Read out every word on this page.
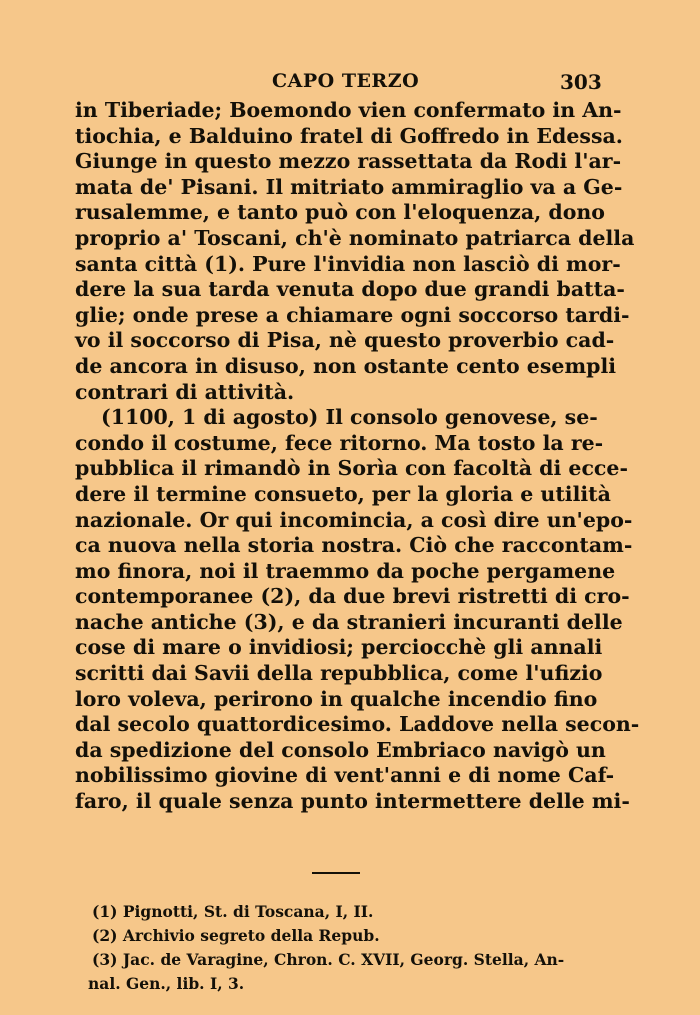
CAPO TERZO	303
in Tiberiade; Boemondo vien confermato in An-
tiochia, e Balduino fratel di Goffredo in Edessa.
Giunge in questo mezzo rassettata da Rodi l'ar-
mata de' Pisani. Il mitriato ammiraglio va a Ge-
rusalemme, e tanto può con l'eloquenza, dono
proprio a' Toscani, ch'è nominato patriarca della
santa città (1). Pure l'invidia non lasciò di mor-
dere la sua tarda venuta dopo due grandi batta-
glie; onde prese a chiamare ogni soccorso tardi-
vo il soccorso di Pisa, nè questo proverbio cad-
de ancora in disuso, non ostante cento esempli
contrari di attività.
(1100, 1 di agosto) Il consolo genovese, se-
condo il costume, fece ritorno. Ma tosto la re-
pubblica il rimandò in Sorìa con facoltà di ecce-
dere il termine consueto, per la gloria e utilità
nazionale. Or qui incomincia, a così dire un'epo-
ca nuova nella storia nostra. Ciò che raccontam-
mo finora, noi il traemmo da poche pergamene
contemporanee (2), da due brevi ristretti di cro-
nache antiche (3), e da stranieri incuranti delle
cose di mare o invidiosi; perciocchè gli annali
scritti dai Savii della repubblica, come l'ufizio
loro voleva, perirono in qualche incendio fino
dal secolo quattordicesimo. Laddove nella secon-
da spedizione del consolo Embriaco navigò un
nobilissimo giovine di vent'anni e di nome Caf-
faro, il quale senza punto intermettere delle mi-
(1) Pignotti, St. di Toscana, I, II.
(2) Archivio segreto della Repub.
(3) Jac. de Varagine, Chron. C. XVII, Georg. Stella, An-
nal. Gen., lib. I, 3.
